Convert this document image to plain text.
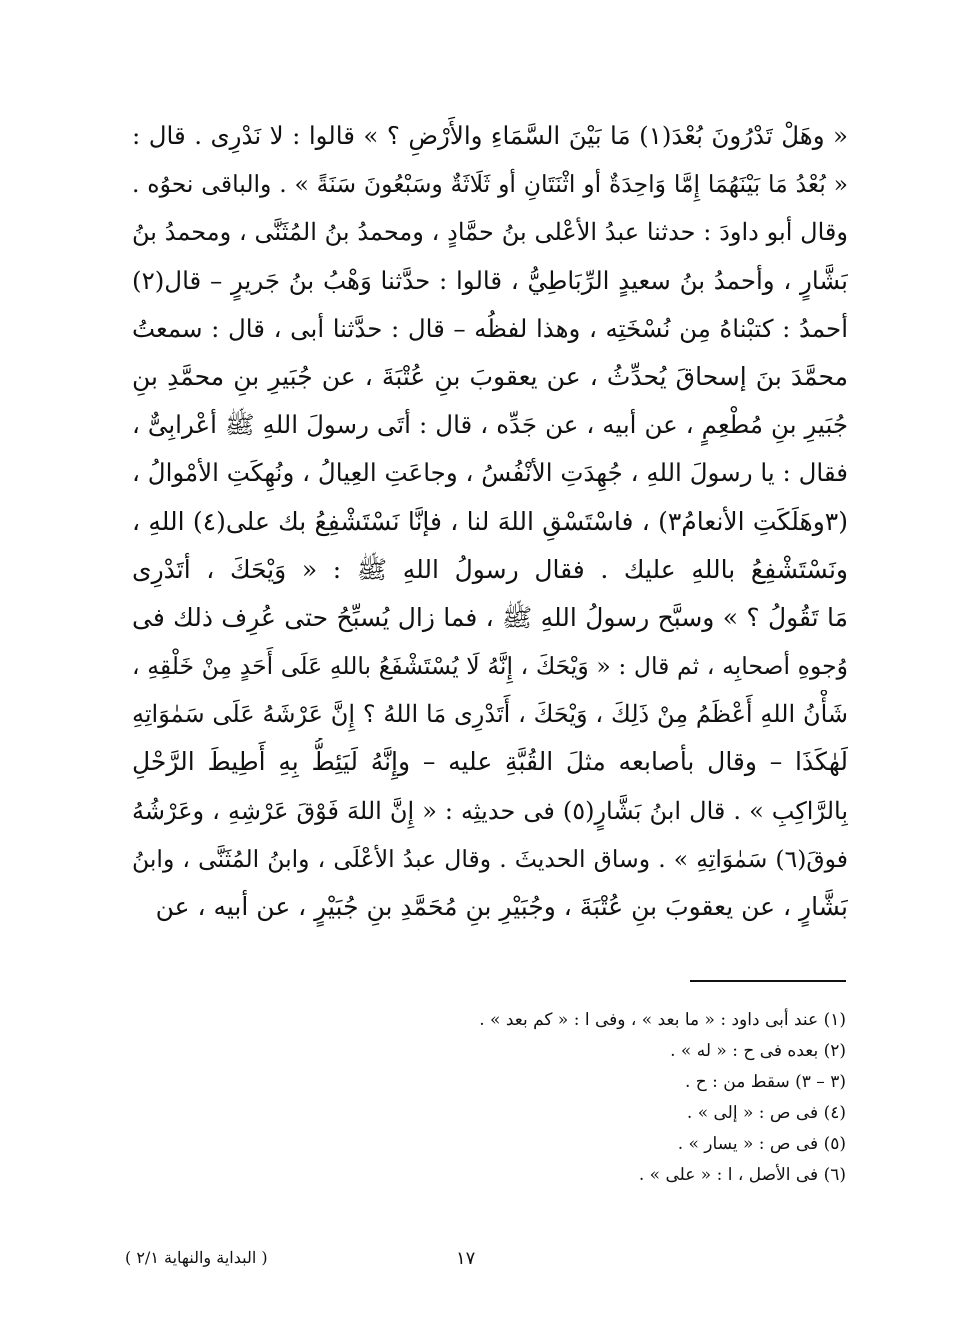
« وهَلْ تَدْرُونَ بُعْدَ(١) مَا بَيْنَ السَّمَاءِ والأَرْضِ ؟ » قالوا : لا نَدْرِى . قال :
« بُعْدُ مَا بَيْنَهُمَا إِمَّا وَاحِدَةٌ أو اثْنَتَانِ أو ثَلَاثَةٌ وسَبْعُونَ سَنَةً » . والباقى نحوُه .
وقال أبو داودَ : حدثنا عبدُ الأعْلى بنُ حمَّادٍ ، ومحمدُ بنُ المُثَنَّى ، ومحمدُ بنُ
بَشَّارٍ ، وأحمدُ بنُ سعيدٍ الرِّبَاطِيُّ ، قالوا : حدَّثنا وَهْبُ بنُ جَريرٍ – قال(٢)
أحمدُ : كتبْناهُ مِن نُسْخَتِه ، وهذا لفظُه – قال : حدَّثنا أبى ، قال : سمعتُ
محمَّدَ بنَ إسحاقَ يُحدِّثُ ، عن يعقوبَ بنِ عُتْبَةَ ، عن جُبَيرِ بنِ محمَّدِ بنِ
جُبَيرِ بنِ مُطْعِمٍ ، عن أبيه ، عن جَدِّه ، قال : أتَى رسولَ اللهِ ﷺ أعْرابِىٌّ ،
فقال : يا رسولَ اللهِ ، جُهِدَتِ الأنْفُسُ ، وجاعَتِ العِيالُ ، ونُهِكَتِ الأمْوالُ ،
(٣وهَلَكَتِ الأنعامُ٣) ، فاسْتَسْقِ اللهَ لنا ، فإنَّا نَسْتَشْفِعُ بك على(٤) اللهِ ،
ونَسْتَشْفِعُ باللهِ عليك . فقال رسولُ اللهِ ﷺ : « وَيْحَكَ ، أتَدْرِى
مَا تَقُولُ ؟ » وسبَّح رسولُ اللهِ ﷺ ، فما زال يُسبِّحُ حتى عُرِف ذلك فى
وُجوهِ أصحابِه ، ثم قال : « وَيْحَكَ ، إِنَّهُ لَا يُسْتَشْفَعُ باللهِ عَلَى أَحَدٍ مِنْ خَلْقِهِ ،
شَأْنُ اللهِ أَعْظَمُ مِنْ ذَلِكَ ، وَيْحَكَ ، أَتَدْرِى مَا اللهُ ؟ إِنَّ عَرْشَهُ عَلَى سَمٰوَاتِهِ
لَهٰكَذَا – وقال بأصابعه مثلَ القُبَّةِ عليه – وإِنَّهُ لَيَئِطُّ بِهِ أَطِيطَ الرَّحْلِ
بِالرَّاكِبِ » . قال ابنُ بَشَّارٍ(٥) فى حديثِه : « إِنَّ اللهَ فَوْقَ عَرْشِهِ ، وعَرْشُهُ
فوقَ(٦) سَمٰوَاتِهِ » . وساق الحديثَ . وقال عبدُ الأعْلَى ، وابنُ المُثَنَّى ، وابنُ
بَشَّارٍ ، عن يعقوبَ بنِ عُتْبَةَ ، وجُبَيْرِ بنِ مُحَمَّدِ بنِ جُبَيْرٍ ، عن أبيه ، عن
(١) عند أبى داود : « ما بعد » ، وفى ا : « كم بعد » .
(٢) بعده فى ح : « له » .
(٣ – ٣) سقط من : ح .
(٤) فى ص : « إلى » .
(٥) فى ص : « يسار » .
(٦) فى الأصل ، ا : « على » .
١٧
( البداية والنهاية ٢/١ )
